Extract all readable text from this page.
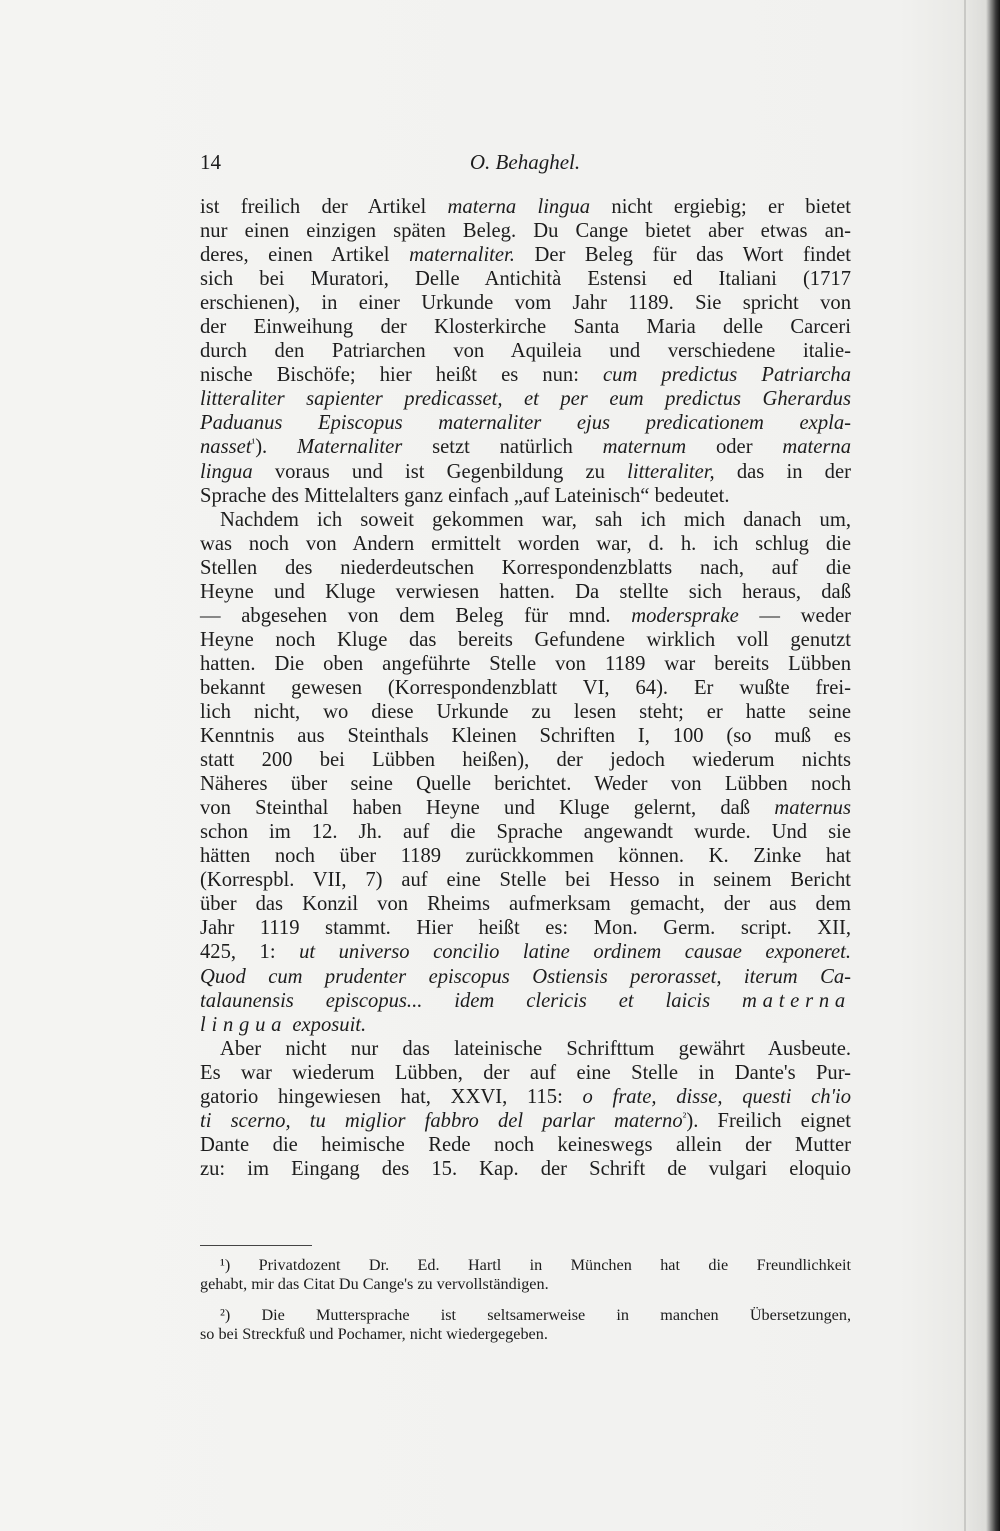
14	O. Behaghel.
ist freilich der Artikel materna lingua nicht ergiebig; er bietet
nur einen einzigen späten Beleg. Du Cange bietet aber etwas an-
deres, einen Artikel maternaliter. Der Beleg für das Wort findet
sich bei Muratori, Delle Antichità Estensi ed Italiani (1717
erschienen), in einer Urkunde vom Jahr 1189. Sie spricht von
der Einweihung der Klosterkirche Santa Maria delle Carceri
durch den Patriarchen von Aquileia und verschiedene italie-
nische Bischöfe; hier heißt es nun: cum predictus Patriarcha
litteraliter sapienter predicasset, et per eum predictus Gherardus
Paduanus Episcopus maternaliter ejus predicationem expla-
nasset$^{^1}$). Maternaliter setzt natürlich maternum oder materna
lingua voraus und ist Gegenbildung zu litteraliter, das in der
Sprache des Mittelalters ganz einfach „auf Lateinisch“ bedeutet.
Nachdem ich soweit gekommen war, sah ich mich danach um,
was noch von Andern ermittelt worden war, d. h. ich schlug die
Stellen des niederdeutschen Korrespondenzblatts nach, auf die
Heyne und Kluge verwiesen hatten. Da stellte sich heraus, daß
— abgesehen von dem Beleg für mnd. modersprake — weder
Heyne noch Kluge das bereits Gefundene wirklich voll genutzt
hatten. Die oben angeführte Stelle von 1189 war bereits Lübben
bekannt gewesen (Korrespondenzblatt VI, 64). Er wußte frei-
lich nicht, wo diese Urkunde zu lesen steht; er hatte seine
Kenntnis aus Steinthals Kleinen Schriften I, 100 (so muß es
statt 200 bei Lübben heißen), der jedoch wiederum nichts
Näheres über seine Quelle berichtet. Weder von Lübben noch
von Steinthal haben Heyne und Kluge gelernt, daß maternus
schon im 12. Jh. auf die Sprache angewandt wurde. Und sie
hätten noch über 1189 zurückkommen können. K. Zinke hat
(Korrespbl. VII, 7) auf eine Stelle bei Hesso in seinem Bericht
über das Konzil von Rheims aufmerksam gemacht, der aus dem
Jahr 1119 stammt. Hier heißt es: Mon. Germ. script. XII,
425, 1: ut universo concilio latine ordinem causae exponeret.
Quod cum prudenter episcopus Ostiensis perorasset, iterum Ca-
talaunensis episcopus... idem clericis et laicis materna
lingua exposuit.
Aber nicht nur das lateinische Schrifttum gewährt Ausbeute.
Es war wiederum Lübben, der auf eine Stelle in Dante's Pur-
gatorio hingewiesen hat, XXVI, 115: o frate, disse, questi ch'io
ti scerno, tu miglior fabbro del parlar materno$^{^2}$). Freilich eignet
Dante die heimische Rede noch keineswegs allein der Mutter
zu: im Eingang des 15. Kap. der Schrift de vulgari eloquio
¹) Privatdozent Dr. Ed. Hartl in München hat die Freundlichkeit
gehabt, mir das Citat Du Cange's zu vervollständigen.
²) Die Muttersprache ist seltsamerweise in manchen Übersetzungen,
so bei Streckfuß und Pochamer, nicht wiedergegeben.
